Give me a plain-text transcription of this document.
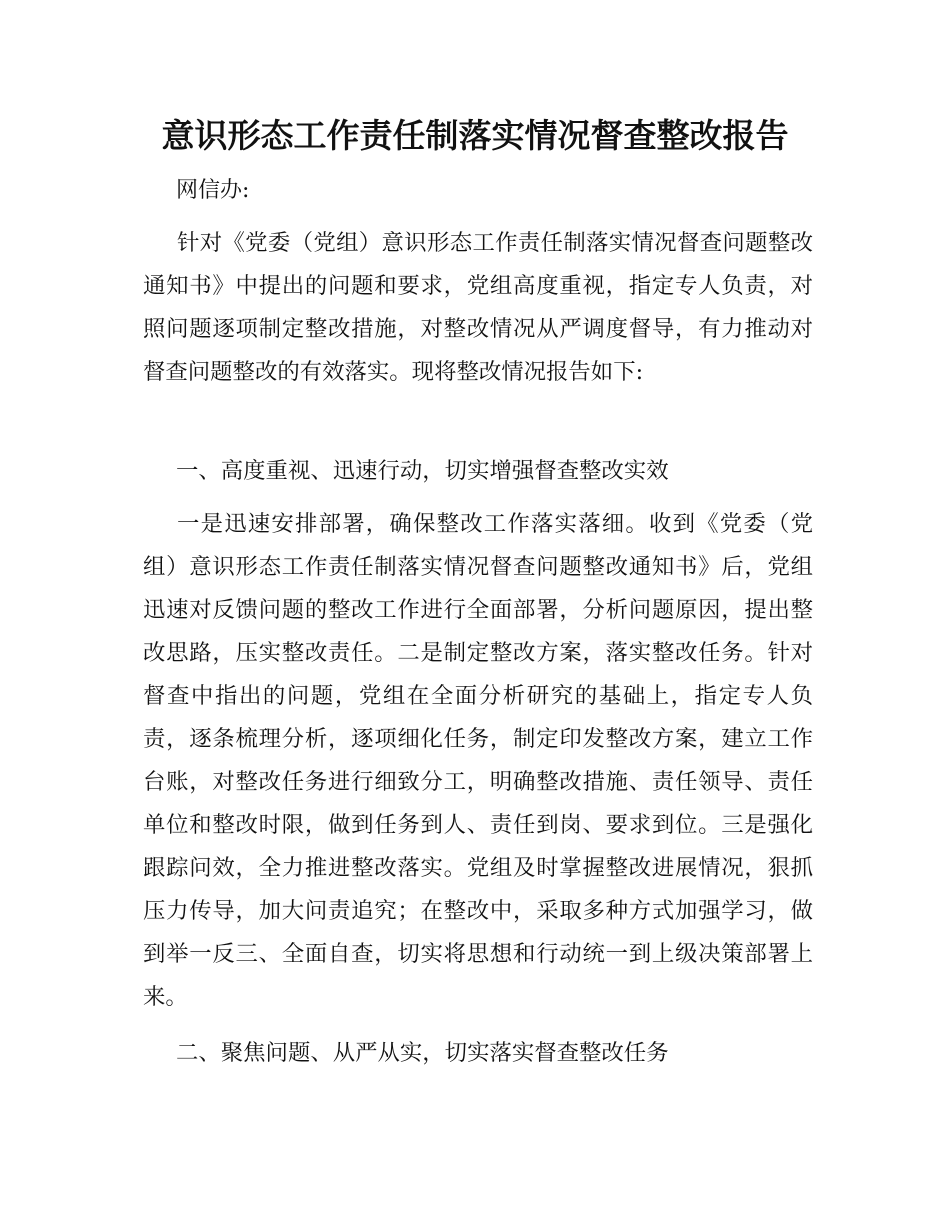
意识形态工作责任制落实情况督查整改报告

网信办:

针对《党委（党组）意识形态工作责任制落实情况督查问题整改通知书》中提出的问题和要求，党组高度重视，指定专人负责，对照问题逐项制定整改措施，对整改情况从严调度督导，有力推动对督查问题整改的有效落实。现将整改情况报告如下:

一、高度重视、迅速行动，切实增强督查整改实效

一是迅速安排部署，确保整改工作落实落细。收到《党委（党组）意识形态工作责任制落实情况督查问题整改通知书》后，党组迅速对反馈问题的整改工作进行全面部署，分析问题原因，提出整改思路，压实整改责任。二是制定整改方案，落实整改任务。针对督查中指出的问题，党组在全面分析研究的基础上，指定专人负责，逐条梳理分析，逐项细化任务，制定印发整改方案，建立工作台账，对整改任务进行细致分工，明确整改措施、责任领导、责任单位和整改时限，做到任务到人、责任到岗、要求到位。三是强化跟踪问效，全力推进整改落实。党组及时掌握整改进展情况，狠抓压力传导，加大问责追究；在整改中，采取多种方式加强学习，做到举一反三、全面自查，切实将思想和行动统一到上级决策部署上来。

二、聚焦问题、从严从实，切实落实督查整改任务
